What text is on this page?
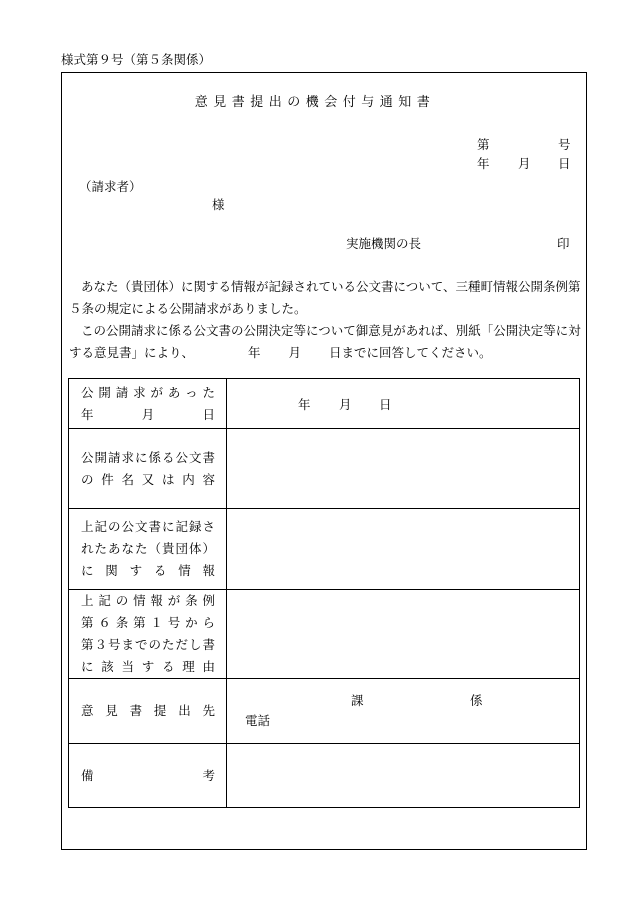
様式第９号（第５条関係）
意見書提出の機会付与通知書
第	号
年 月 日
（請求者）
様
実施機関の長	印

あなた（貴団体）に関する情報が記録されている公文書について、三種町情報公開条例第５条の規定による公開請求がありました。

この公開請求に係る公文書の公開決定等について御意見があれば、別紙「公開決定等に対する意見書」により、	年 月 日までに回答してください。

公開請求があった
年　　月　　日	年 月 日

公開請求に係る公文書
の件名又は内容	

上記の公文書に記録さ
れたあなた（貴団体）
に関する情報	

上記の情報が条例
第６条第１号から
第３号までのただし書
に該当する理由	

意見書提出先	課 係
電話

備　　　　　考	
